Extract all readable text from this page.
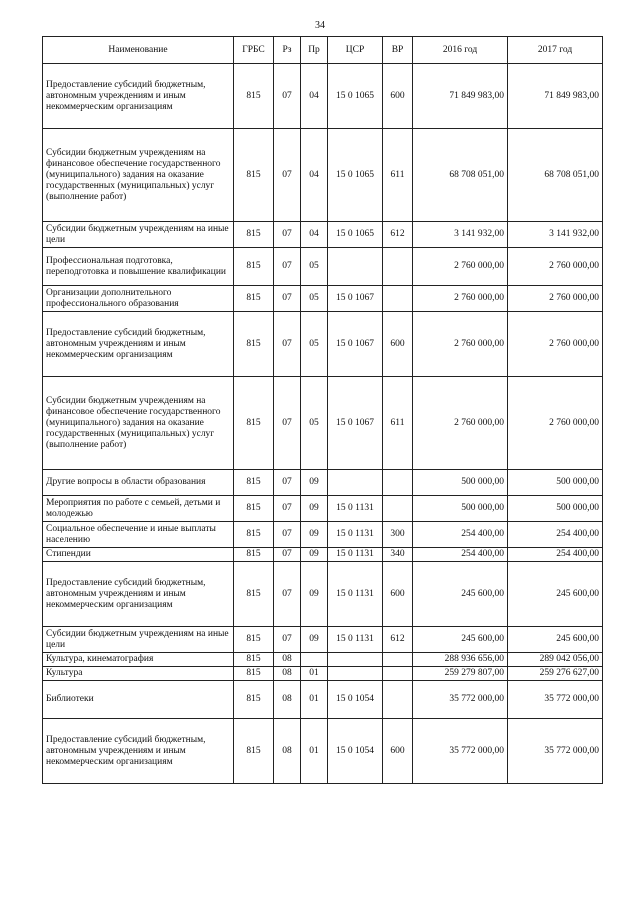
34
Наименование	ГРБС	Рз	Пр	ЦСР	ВР	2016 год	2017 год
Предоставление субсидий бюджетным, автономным учреждениям и иным некоммерческим организациям	815	07	04	15 0 1065	600	71 849 983,00	71 849 983,00
Субсидии бюджетным учреждениям на финансовое обеспечение государственного (муниципального) задания на оказание государственных (муниципальных) услуг (выполнение работ)	815	07	04	15 0 1065	611	68 708 051,00	68 708 051,00
Субсидии бюджетным учреждениям на иные цели	815	07	04	15 0 1065	612	3 141 932,00	3 141 932,00
Профессиональная подготовка, переподготовка и повышение квалификации	815	07	05			2 760 000,00	2 760 000,00
Организации дополнительного профессионального образования	815	07	05	15 0 1067		2 760 000,00	2 760 000,00
Предоставление субсидий бюджетным, автономным учреждениям и иным некоммерческим организациям	815	07	05	15 0 1067	600	2 760 000,00	2 760 000,00
Субсидии бюджетным учреждениям на финансовое обеспечение государственного (муниципального) задания на оказание государственных (муниципальных) услуг (выполнение работ)	815	07	05	15 0 1067	611	2 760 000,00	2 760 000,00
Другие вопросы в области образования	815	07	09			500 000,00	500 000,00
Мероприятия по работе с семьей, детьми и молодежью	815	07	09	15 0 1131		500 000,00	500 000,00
Социальное обеспечение и иные выплаты населению	815	07	09	15 0 1131	300	254 400,00	254 400,00
Стипендии	815	07	09	15 0 1131	340	254 400,00	254 400,00
Предоставление субсидий бюджетным, автономным учреждениям и иным некоммерческим организациям	815	07	09	15 0 1131	600	245 600,00	245 600,00
Субсидии бюджетным учреждениям на иные цели	815	07	09	15 0 1131	612	245 600,00	245 600,00
Культура, кинематография	815	08				288 936 656,00	289 042 056,00
Культура	815	08	01			259 279 807,00	259 276 627,00
Библиотеки	815	08	01	15 0 1054		35 772 000,00	35 772 000,00
Предоставление субсидий бюджетным, автономным учреждениям и иным некоммерческим организациям	815	08	01	15 0 1054	600	35 772 000,00	35 772 000,00
